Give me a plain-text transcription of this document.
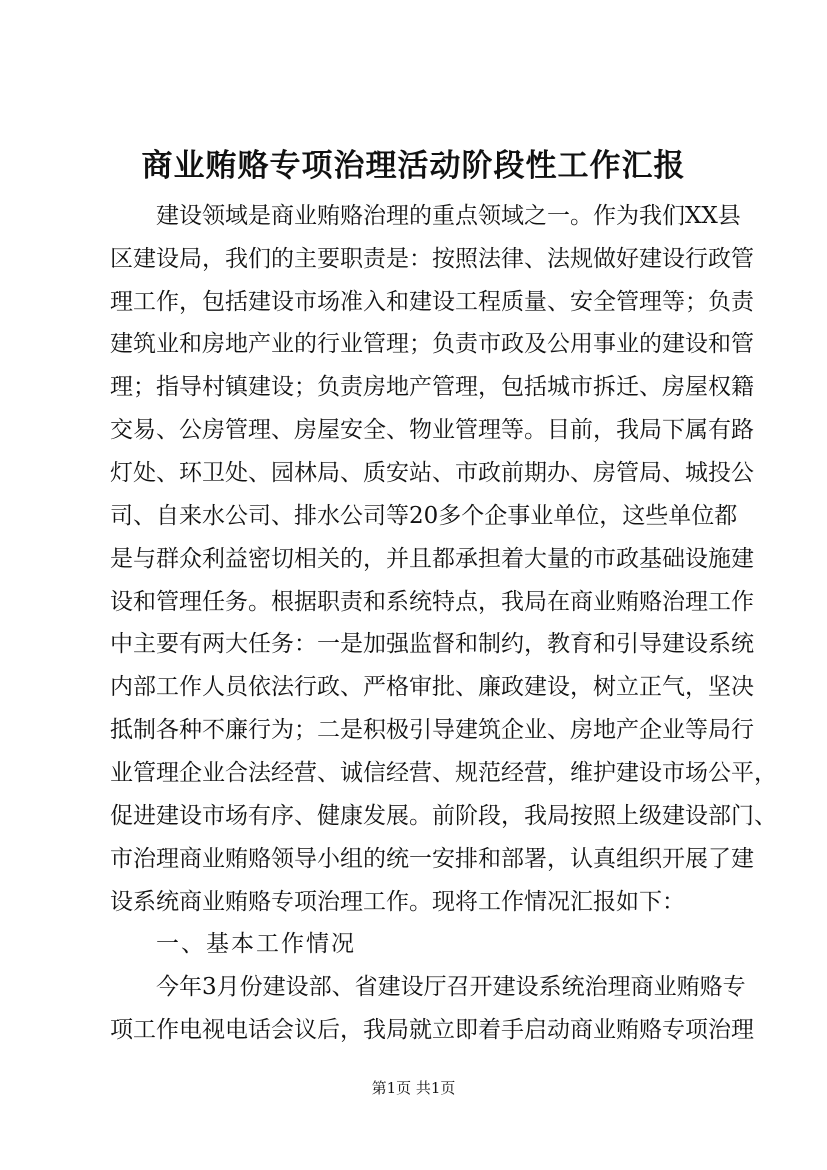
商业贿赂专项治理活动阶段性工作汇报

建设领域是商业贿赂治理的重点领域之一。作为我们XX县

区建设局，我们的主要职责是：按照法律、法规做好建设行政管

理工作，包括建设市场准入和建设工程质量、安全管理等；负责

建筑业和房地产业的行业管理；负责市政及公用事业的建设和管

理；指导村镇建设；负责房地产管理，包括城市拆迁、房屋权籍

交易、公房管理、房屋安全、物业管理等。目前，我局下属有路

灯处、环卫处、园林局、质安站、市政前期办、房管局、城投公

司、自来水公司、排水公司等20多个企事业单位，这些单位都

是与群众利益密切相关的，并且都承担着大量的市政基础设施建

设和管理任务。根据职责和系统特点，我局在商业贿赂治理工作

中主要有两大任务：一是加强监督和制约，教育和引导建设系统

内部工作人员依法行政、严格审批、廉政建设，树立正气，坚决

抵制各种不廉行为；二是积极引导建筑企业、房地产企业等局行

业管理企业合法经营、诚信经营、规范经营，维护建设市场公平，

促进建设市场有序、健康发展。前阶段，我局按照上级建设部门、

市治理商业贿赂领导小组的统一安排和部署，认真组织开展了建

设系统商业贿赂专项治理工作。现将工作情况汇报如下：

一、基本工作情况

今年3月份建设部、省建设厅召开建设系统治理商业贿赂专

项工作电视电话会议后，我局就立即着手启动商业贿赂专项治理

第1页 共1页
